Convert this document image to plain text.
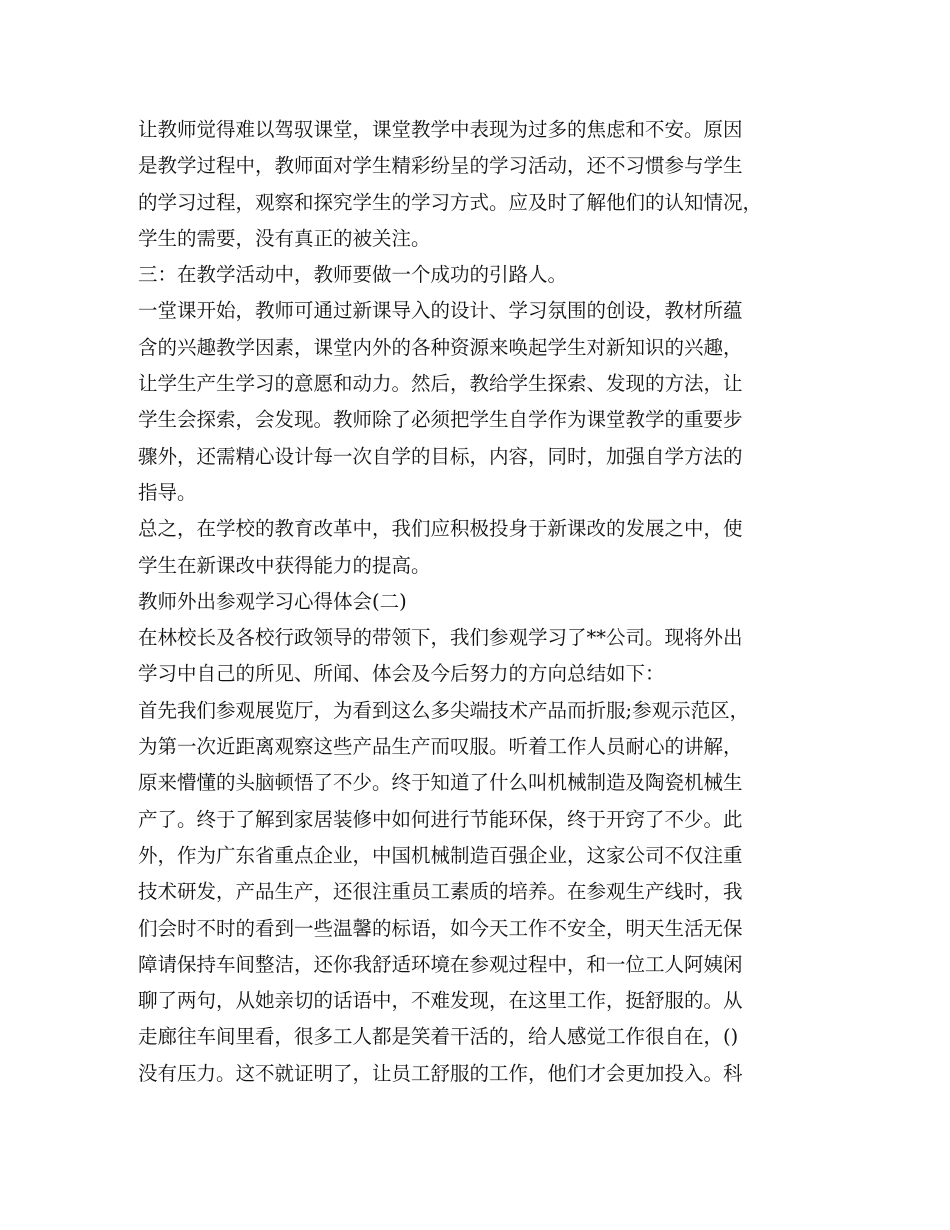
让教师觉得难以驾驭课堂，课堂教学中表现为过多的焦虑和不安。原因
是教学过程中，教师面对学生精彩纷呈的学习活动，还不习惯参与学生
的学习过程，观察和探究学生的学习方式。应及时了解他们的认知情况，
学生的需要，没有真正的被关注。
三：在教学活动中，教师要做一个成功的引路人。
一堂课开始，教师可通过新课导入的设计、学习氛围的创设，教材所蕴
含的兴趣教学因素，课堂内外的各种资源来唤起学生对新知识的兴趣，
让学生产生学习的意愿和动力。然后，教给学生探索、发现的方法，让
学生会探索，会发现。教师除了必须把学生自学作为课堂教学的重要步
骤外，还需精心设计每一次自学的目标，内容，同时，加强自学方法的
指导。
总之，在学校的教育改革中，我们应积极投身于新课改的发展之中，使
学生在新课改中获得能力的提高。
教师外出参观学习心得体会(二)
在林校长及各校行政领导的带领下，我们参观学习了**公司。现将外出
学习中自己的所见、所闻、体会及今后努力的方向总结如下：
首先我们参观展览厅，为看到这么多尖端技术产品而折服;参观示范区，
为第一次近距离观察这些产品生产而叹服。听着工作人员耐心的讲解，
原来懵懂的头脑顿悟了不少。终于知道了什么叫机械制造及陶瓷机械生
产了。终于了解到家居装修中如何进行节能环保，终于开窍了不少。此
外，作为广东省重点企业，中国机械制造百强企业，这家公司不仅注重
技术研发，产品生产，还很注重员工素质的培养。在参观生产线时，我
们会时不时的看到一些温馨的标语，如今天工作不安全，明天生活无保
障请保持车间整洁，还你我舒适环境在参观过程中，和一位工人阿姨闲
聊了两句，从她亲切的话语中，不难发现，在这里工作，挺舒服的。从
走廊往车间里看，很多工人都是笑着干活的，给人感觉工作很自在，()
没有压力。这不就证明了，让员工舒服的工作，他们才会更加投入。科
